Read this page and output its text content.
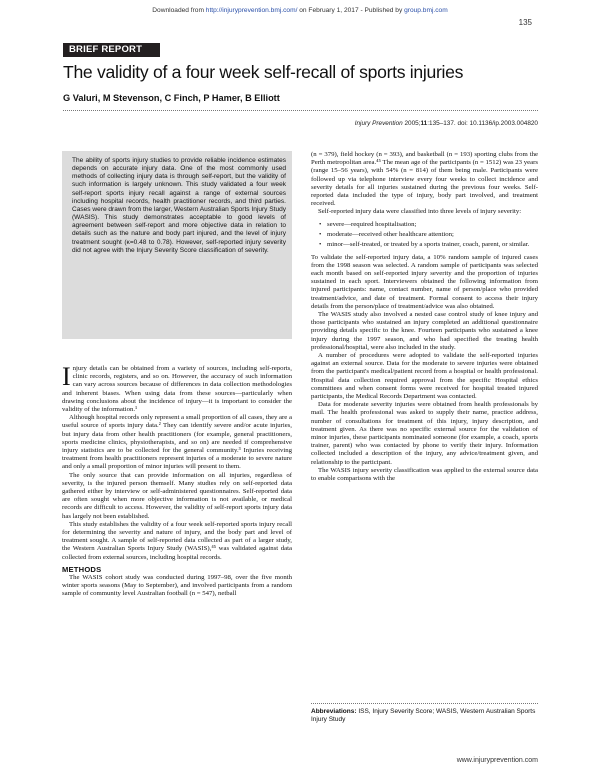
Downloaded from http://injuryprevention.bmj.com/ on February 1, 2017 - Published by group.bmj.com
135
BRIEF REPORT
The validity of a four week self-recall of sports injuries
G Valuri, M Stevenson, C Finch, P Hamer, B Elliott
Injury Prevention 2005;11:135–137. doi: 10.1136/ip.2003.004820
The ability of sports injury studies to provide reliable incidence estimates depends on accurate injury data. One of the most commonly used methods of collecting injury data is through self-report, but the validity of such information is largely unknown. This study validated a four week self-report sports injury recall against a range of external sources including hospital records, health practitioner records, and third parties. Cases were drawn from the larger, Western Australian Sports Injury Study (WASIS). This study demonstrates acceptable to good levels of agreement between self-report and more objective data in relation to details such as the nature and body part injured, and the level of injury treatment sought (κ=0.48 to 0.78). However, self-reported injury severity did not agree with the Injury Severity Score classification of severity.

Injury details can be obtained from a variety of sources, including self-reports, clinic records, registers, and so on. However, the accuracy of such information can vary across sources because of differences in data collection methodologies and inherent biases. When using data from these sources—particularly when drawing conclusions about the incidence of injury—it is important to consider the validity of the information.¹

Although hospital records only represent a small proportion of all cases, they are a useful source of sports injury data.² They can identify severe and/or acute injuries, but injury data from other health practitioners (for example, general practitioners, sports medicine clinics, physiotherapists, and so on) are needed if comprehensive injury statistics are to be collected for the general community.³ Injuries receiving treatment from health practitioners represent injuries of a moderate to severe nature and only a small proportion of minor injuries will present to them.

The only source that can provide information on all injuries, regardless of severity, is the injured person themself. Many studies rely on self-reported data gathered either by interview or self-administered questionnaires. Self-reported data are often sought when more objective information is not available, or medical records are difficult to access. However, the validity of self-report sports injury data has largely not been established.

This study establishes the validity of a four week self-reported sports injury recall for determining the severity and nature of injury, and the body part and level of treatment sought. A sample of self-reported data collected as part of a larger study, the Western Australian Sports Injury Study (WASIS),⁴⁵ was validated against data collected from external sources, including hospital records.

METHODS

The WASIS cohort study was conducted during 1997–98, over the five month winter sports seasons (May to September), and involved participants from a random sample of community level Australian football (n = 547), netball

(n = 379), field hockey (n = 393), and basketball (n = 193) sporting clubs from the Perth metropolitan area.⁴⁵ The mean age of the participants (n = 1512) was 23 years (range 15–56 years), with 54% (n = 814) of them being male. Participants were followed up via telephone interview every four weeks to collect incidence and severity details for all injuries sustained during the previous four weeks. Self-reported data included the type of injury, body part involved, and treatment received.

Self-reported injury data were classified into three levels of injury severity:

• severe—required hospitalisation;
• moderate—received other healthcare attention;
• minor—self-treated, or treated by a sports trainer, coach, parent, or similar.

To validate the self-reported injury data, a 10% random sample of injured cases from the 1998 season was selected. A random sample of participants was selected each month based on self-reported injury severity and the proportion of injuries sustained in each sport. Interviewers obtained the following information from injured participants: name, contact number, name of person/place who provided treatment/advice, and date of treatment. Formal consent to access their injury details from the person/place of treatment/advice was also obtained.

The WASIS study also involved a nested case control study of knee injury and those participants who sustained an injury completed an additional questionnaire providing details specific to the knee. Fourteen participants who sustained a knee injury during the 1997 season, and who had specified the treating health professional/hospital, were also included in the study.

A number of procedures were adopted to validate the self-reported injuries against an external source. Data for the moderate to severe injuries were obtained from the participant's medical/patient record from a hospital or health professional. Hospital data collection required approval from the specific Hospital ethics committees and when consent forms were received for hospital treated injured participants, the Medical Records Department was contacted.

Data for moderate severity injuries were obtained from health professionals by mail. The health professional was asked to supply their name, practice address, number of consultations for treatment of this injury, injury description, and treatment given. As there was no specific external source for the validation of minor injuries, these participants nominated someone (for example, a coach, sports trainer, parent) who was contacted by phone to verify their injury. Information collected included a description of the injury, any advice/treatment given, and relationship to the participant.

The WASIS injury severity classification was applied to the external source data to enable comparisons with the

Abbreviations: ISS, Injury Severity Score; WASIS, Western Australian Sports Injury Study
www.injuryprevention.com
